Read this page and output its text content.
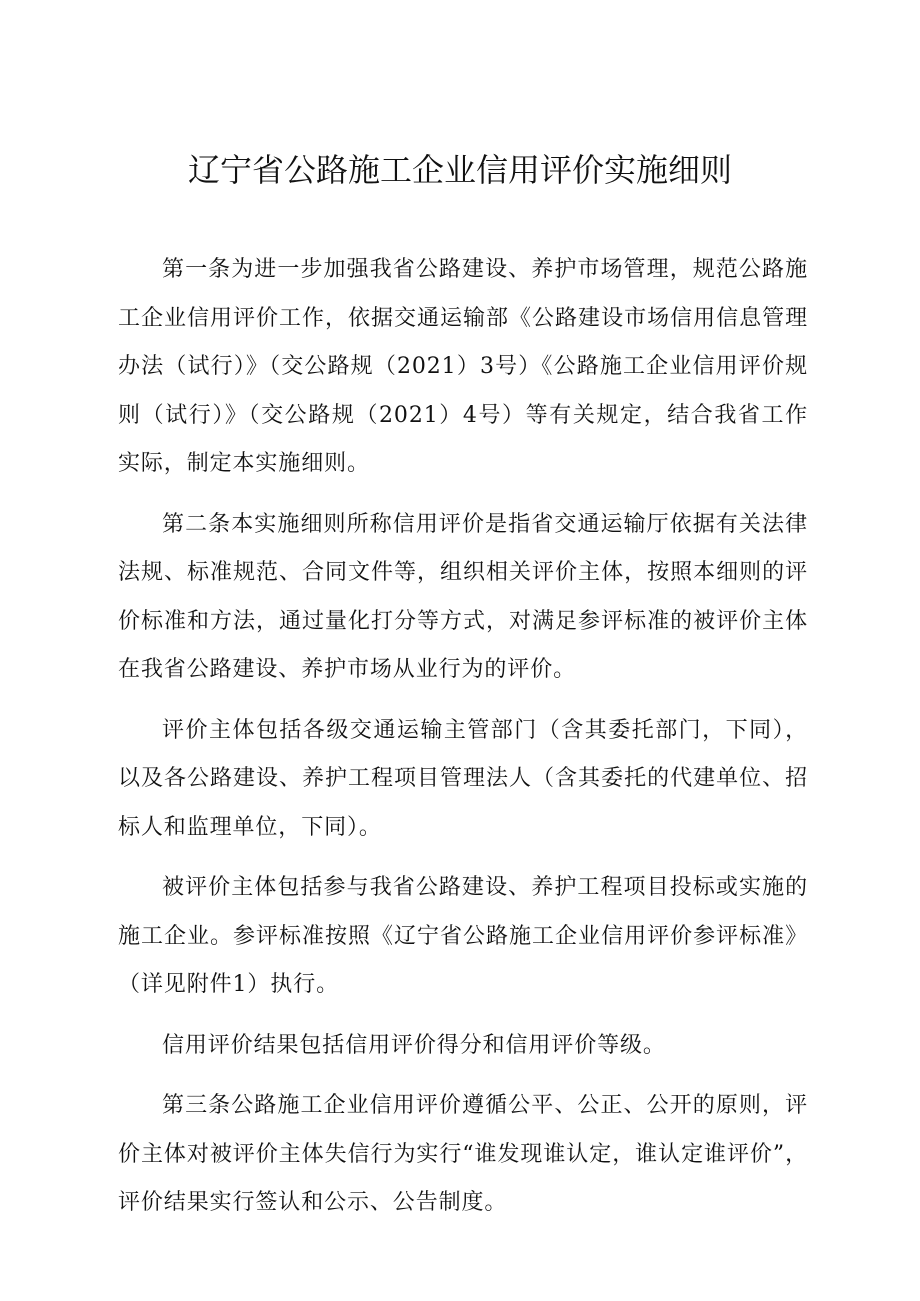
辽宁省公路施工企业信用评价实施细则

第一条为进一步加强我省公路建设、养护市场管理，规范公路施工企业信用评价工作，依据交通运输部《公路建设市场信用信息管理办法（试行）》（交公路规（2021）3号）《公路施工企业信用评价规则（试行）》（交公路规（2021）4号）等有关规定，结合我省工作实际，制定本实施细则。

第二条本实施细则所称信用评价是指省交通运输厅依据有关法律法规、标准规范、合同文件等，组织相关评价主体，按照本细则的评价标准和方法，通过量化打分等方式，对满足参评标准的被评价主体在我省公路建设、养护市场从业行为的评价。

评价主体包括各级交通运输主管部门（含其委托部门，下同），以及各公路建设、养护工程项目管理法人（含其委托的代建单位、招标人和监理单位，下同）。

被评价主体包括参与我省公路建设、养护工程项目投标或实施的施工企业。参评标准按照《辽宁省公路施工企业信用评价参评标准》（详见附件1）执行。

信用评价结果包括信用评价得分和信用评价等级。

第三条公路施工企业信用评价遵循公平、公正、公开的原则，评价主体对被评价主体失信行为实行“谁发现谁认定，谁认定谁评价”，评价结果实行签认和公示、公告制度。
